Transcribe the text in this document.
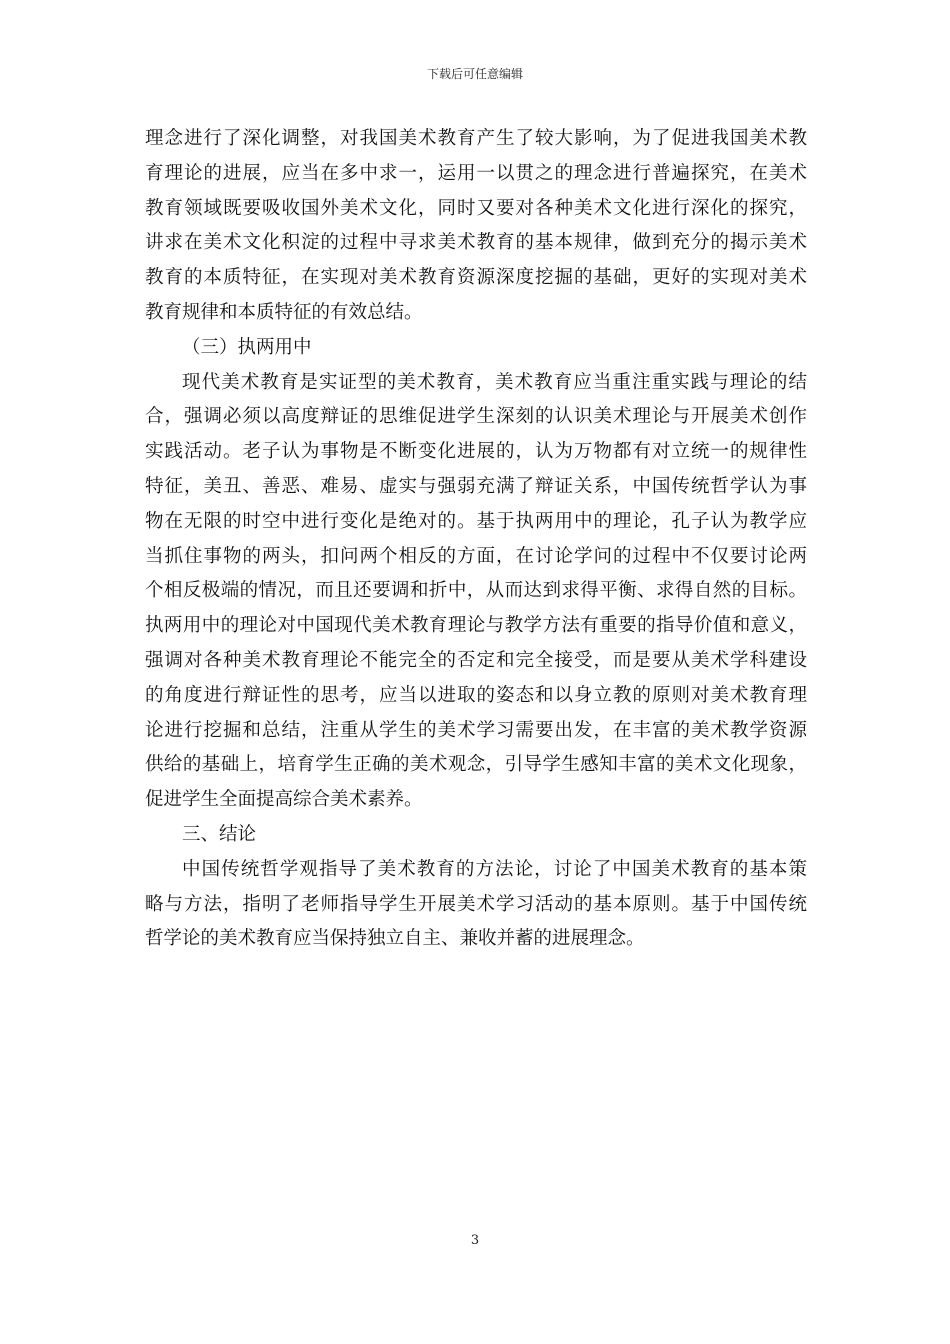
下载后可任意编辑
理念进行了深化调整，对我国美术教育产生了较大影响，为了促进我国美术教
育理论的进展，应当在多中求一，运用一以贯之的理念进行普遍探究，在美术
教育领域既要吸收国外美术文化，同时又要对各种美术文化进行深化的探究，
讲求在美术文化积淀的过程中寻求美术教育的基本规律，做到充分的揭示美术
教育的本质特征，在实现对美术教育资源深度挖掘的基础，更好的实现对美术
教育规律和本质特征的有效总结。
（三）执两用中
现代美术教育是实证型的美术教育，美术教育应当重注重实践与理论的结
合，强调必须以高度辩证的思维促进学生深刻的认识美术理论与开展美术创作
实践活动。老子认为事物是不断变化进展的，认为万物都有对立统一的规律性
特征，美丑、善恶、难易、虚实与强弱充满了辩证关系，中国传统哲学认为事
物在无限的时空中进行变化是绝对的。基于执两用中的理论，孔子认为教学应
当抓住事物的两头，扣问两个相反的方面，在讨论学问的过程中不仅要讨论两
个相反极端的情况，而且还要调和折中，从而达到求得平衡、求得自然的目标。
执两用中的理论对中国现代美术教育理论与教学方法有重要的指导价值和意义，
强调对各种美术教育理论不能完全的否定和完全接受，而是要从美术学科建设
的角度进行辩证性的思考，应当以进取的姿态和以身立教的原则对美术教育理
论进行挖掘和总结，注重从学生的美术学习需要出发，在丰富的美术教学资源
供给的基础上，培育学生正确的美术观念，引导学生感知丰富的美术文化现象，
促进学生全面提高综合美术素养。
三、结论
中国传统哲学观指导了美术教育的方法论，讨论了中国美术教育的基本策
略与方法，指明了老师指导学生开展美术学习活动的基本原则。基于中国传统
哲学论的美术教育应当保持独立自主、兼收并蓄的进展理念。
3
